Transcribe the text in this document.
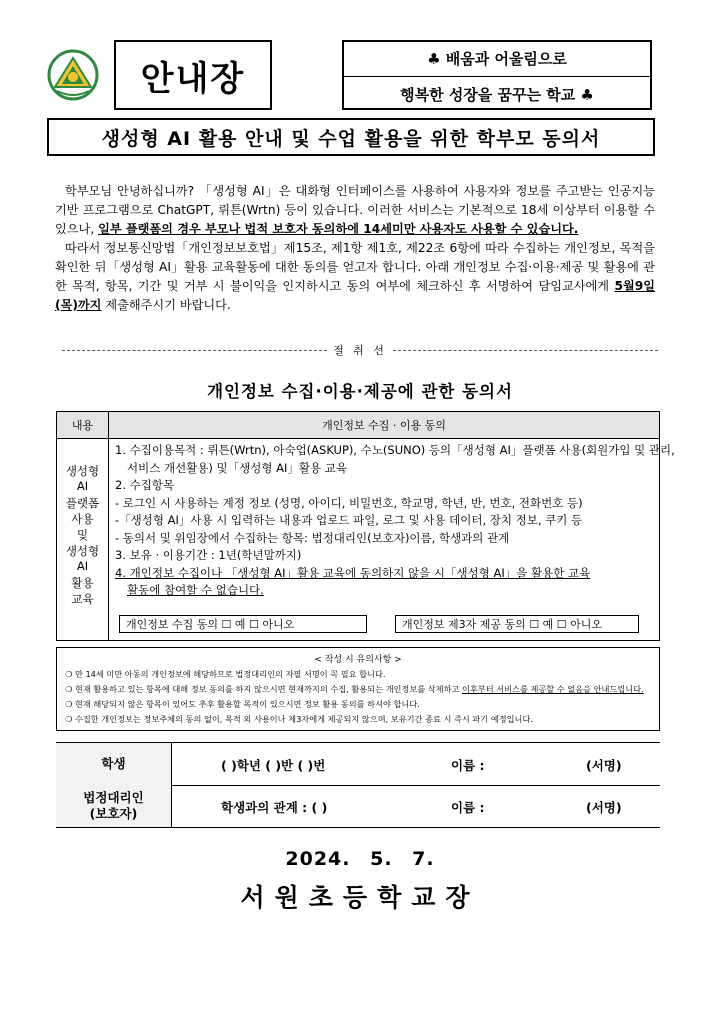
안내장	♣ 배움과 어울림으로
행복한 성장을 꿈꾸는 학교 ♣
생성형 AI 활용 안내 및 수업 활용을 위한 학부모 동의서

학부모님 안녕하십니까? 「생성형 AI」은 대화형 인터페이스를 사용하여 사용자와 정보를 주고받는 인공지능 기반 프로그램으로 ChatGPT, 뤼튼(Wrtn) 등이 있습니다. 이러한 서비스는 기본적으로 18세 이상부터 이용할 수 있으나, 일부 플랫폼의 경우 부모나 법적 보호자 동의하에 14세미만 사용자도 사용할 수 있습니다.

따라서 정보통신망법「개인정보보호법」제15조, 제1항 제1호, 제22조 6항에 따라 수집하는 개인정보, 목적을 확인한 뒤「생성형 AI」활용 교육활동에 대한 동의를 얻고자 합니다. 아래 개인정보 수집·이용·제공 및 활용에 관한 목적, 항목, 기간 및 거부 시 불이익을 인지하시고 동의 여부에 체크하신 후 서명하여 담임교사에게 5월9일(목)까지 제출해주시기 바랍니다.

절 취 선
개인정보 수집·이용·제공에 관한 동의서
내용	개인정보 수집 · 이용 동의
생성형
AI
플랫폼
사용
및
생성형
AI
활용
교육
1. 수집이용목적 : 뤼튼(Wrtn), 아숙업(ASKUP), 수노(SUNO) 등의「생성형 AI」플랫폼 사용(회원가입 및 관리,
서비스 개선활용) 및「생성형 AI」활용 교육
2. 수집항목
- 로그인 시 사용하는 계정 정보 (성명, 아이디, 비밀번호, 학교명, 학년, 반, 번호, 전화번호 등)
-「생성형 AI」사용 시 입력하는 내용과 업로드 파일, 로그 및 사용 데이터, 장치 정보, 쿠키 등
- 동의서 및 위임장에서 수집하는 항목: 법정대리인(보호자)이름, 학생과의 관계
3. 보유 · 이용기간 : 1년(학년말까지)
4. 개인정보 수집이나 「생성형 AI」활용 교육에 동의하지 않을 시「생성형 AI」을 활용한 교육
활동에 참여할 수 없습니다.
개인정보 수집 동의 ☐ 예 ☐ 아니오	개인정보 제3자 제공 동의 ☐ 예 ☐ 아니오
< 작성 시 유의사항 >
❍ 만 14세 미만 아동의 개인정보에 해당하므로 법정대리인의 자필 서명이 꼭 필요 합니다.
❍ 현재 활용하고 있는 항목에 대해 정보 동의를 하지 않으시면 현재까지의 수집, 활용되는 개인정보를 삭제하고 이후부터 서비스를 제공할 수 없음을 안내드립니다.
❍ 현재 해당되지 않은 항목이 있어도 추후 활용할 목적이 있으시면 정보 활용 동의를 하셔야 합니다.
❍ 수집한 개인정보는 정보주체의 동의 없이, 목적 외 사용이나 제3자에게 제공되지 않으며, 보유기간 종료 시 즉시 파기 예정입니다.
학생	( )학년 ( )반 ( )번	이름 :	(서명)
법정대리인
(보호자)	학생과의 관계 : ( )	이름 :	(서명)
2024. 5. 7.
서원초등학교장
